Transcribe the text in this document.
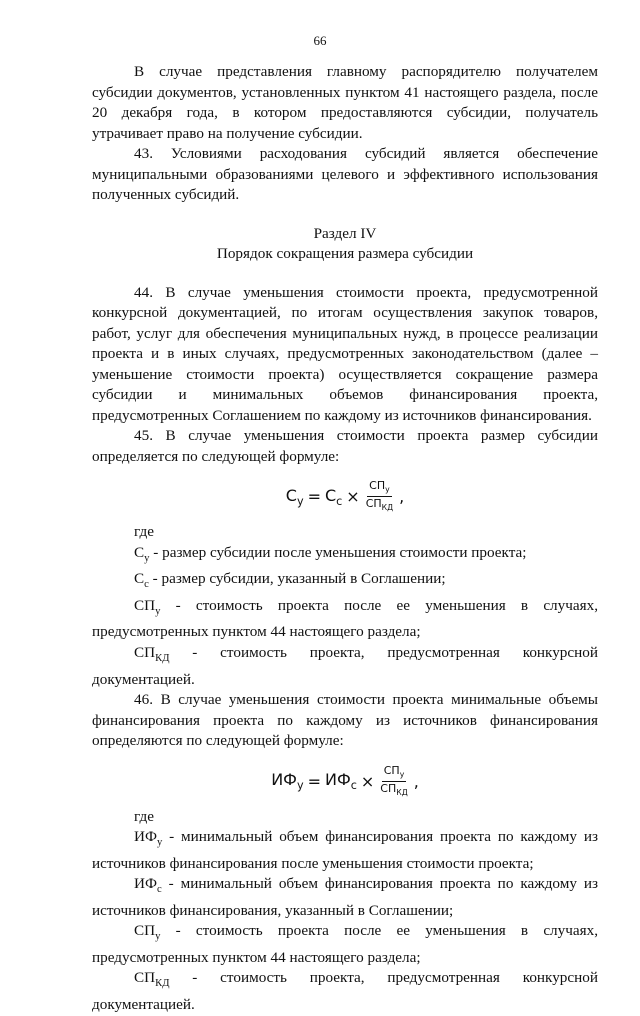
66

В случае представления главному распорядителю получателем субсидии документов, установленных пунктом 41 настоящего раздела, после 20 декабря года, в котором предоставляются субсидии, получатель утрачивает право на получение субсидии.

43. Условиями расходования субсидий является обеспечение муниципальными образованиями целевого и эффективного использования полученных субсидий.

Раздел IV
Порядок сокращения размера субсидии

44. В случае уменьшения стоимости проекта, предусмотренной конкурсной документацией, по итогам осуществления закупок товаров, работ, услуг для обеспечения муниципальных нужд, в процессе реализации проекта и в иных случаях, предусмотренных законодательством (далее – уменьшение стоимости проекта) осуществляется сокращение размера субсидии и минимальных объемов финансирования проекта, предусмотренных Соглашением по каждому из источников финансирования.

45. В случае уменьшения стоимости проекта размер субсидии определяется по следующей формуле:

$С_у = С_с \times \frac{СП_у}{СП_{КД}}$ ,
где

$С_у$ - размер субсидии после уменьшения стоимости проекта;

$С_с$ - размер субсидии, указанный в Соглашении;

$СП_у$ - стоимость проекта после ее уменьшения в случаях, предусмотренных пунктом 44 настоящего раздела;

$СП_{КД}$ - стоимость проекта, предусмотренная конкурсной документацией.

46. В случае уменьшения стоимости проекта минимальные объемы финансирования проекта по каждому из источников финансирования определяются по следующей формуле:

$ИФ_у = ИФ_с \times \frac{СП_у}{СП_{КД}}$ ,
где

$ИФ_у$ - минимальный объем финансирования проекта по каждому из источников финансирования после уменьшения стоимости проекта;

$ИФ_с$ - минимальный объем финансирования проекта по каждому из источников финансирования, указанный в Соглашении;

$СП_у$ - стоимость проекта после ее уменьшения в случаях, предусмотренных пунктом 44 настоящего раздела;

$СП_{КД}$ - стоимость проекта, предусмотренная конкурсной документацией.
